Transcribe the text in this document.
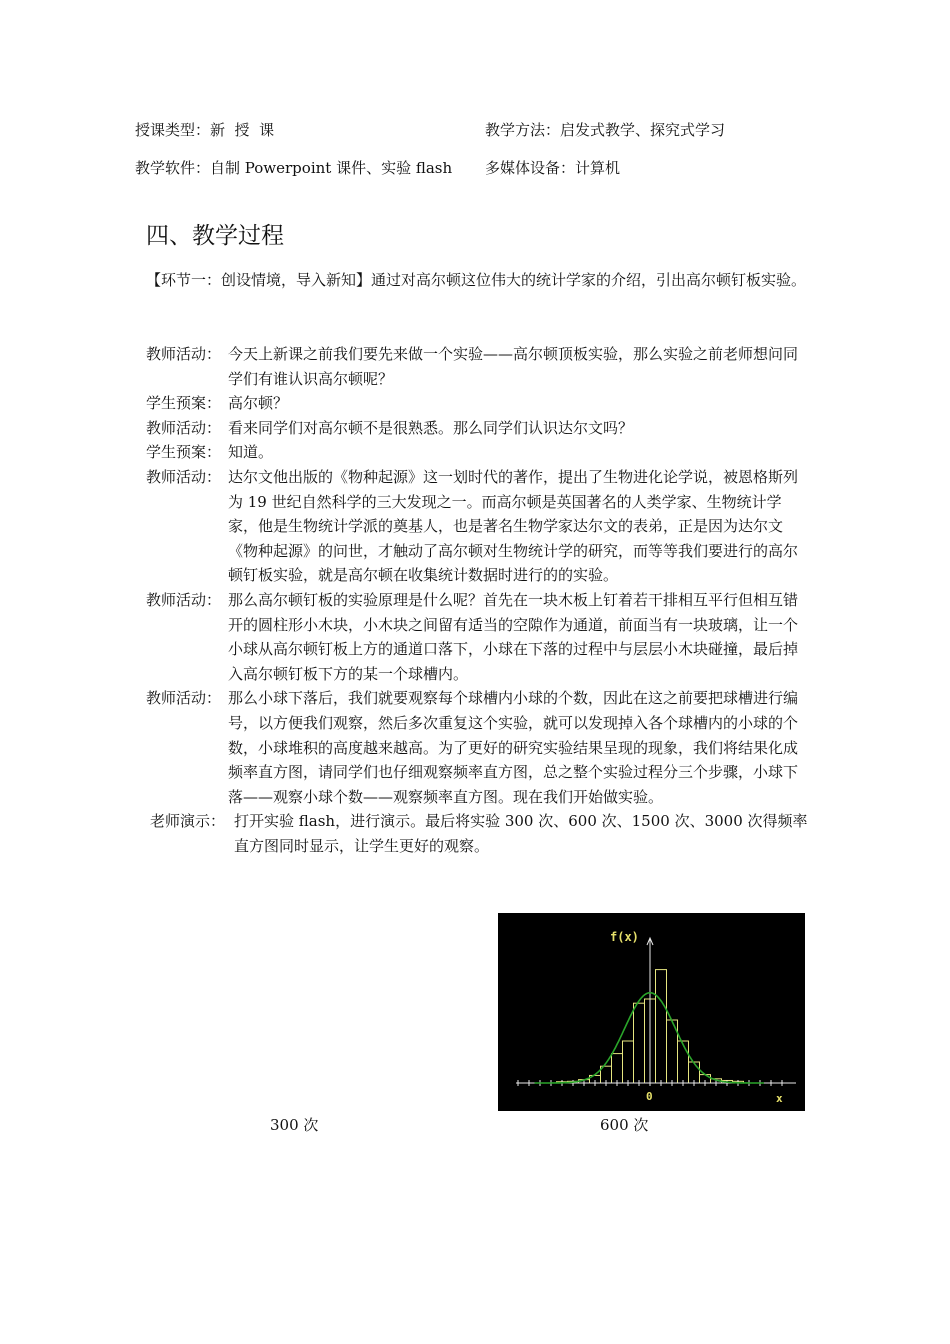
授课类型：新  授  课	教学方法：启发式教学、探究式学习
教学软件：自制 Powerpoint 课件、实验 flash 多媒体设备：计算机
四、教学过程
【环节一：创设情境，导入新知】通过对高尔顿这位伟大的统计学家的介绍，引出高尔顿钉板实验。
教师活动： 今天上新课之前我们要先来做一个实验——高尔顿顶板实验，那么实验之前老师想问同学们有谁认识高尔顿呢？
学生预案： 高尔顿？
教师活动： 看来同学们对高尔顿不是很熟悉。那么同学们认识达尔文吗？
学生预案： 知道。
教师活动： 达尔文他出版的《物种起源》这一划时代的著作，提出了生物进化论学说，被恩格斯列为 19 世纪自然科学的三大发现之一。而高尔顿是英国著名的人类学家、生物统计学家，他是生物统计学派的奠基人，也是著名生物学家达尔文的表弟，正是因为达尔文《物种起源》的问世，才触动了高尔顿对生物统计学的研究，而等等我们要进行的高尔顿钉板实验，就是高尔顿在收集统计数据时进行的的实验。
教师活动： 那么高尔顿钉板的实验原理是什么呢？首先在一块木板上钉着若干排相互平行但相互错开的圆柱形小木块，小木块之间留有适当的空隙作为通道，前面当有一块玻璃，让一个小球从高尔顿钉板上方的通道口落下，小球在下落的过程中与层层小木块碰撞，最后掉入高尔顿钉板下方的某一个球槽内。
教师活动： 那么小球下落后，我们就要观察每个球槽内小球的个数，因此在这之前要把球槽进行编号，以方便我们观察，然后多次重复这个实验，就可以发现掉入各个球槽内的小球的个数，小球堆积的高度越来越高。为了更好的研究实验结果呈现的现象，我们将结果化成频率直方图，请同学们也仔细观察频率直方图，总之整个实验过程分三个步骤，小球下落——观察小球个数——观察频率直方图。现在我们开始做实验。
老师演示： 打开实验 flash，进行演示。最后将实验 300 次、600 次、1500 次、3000 次得频率直方图同时显示，让学生更好的观察。
f(x)
0	x
300 次	600 次
